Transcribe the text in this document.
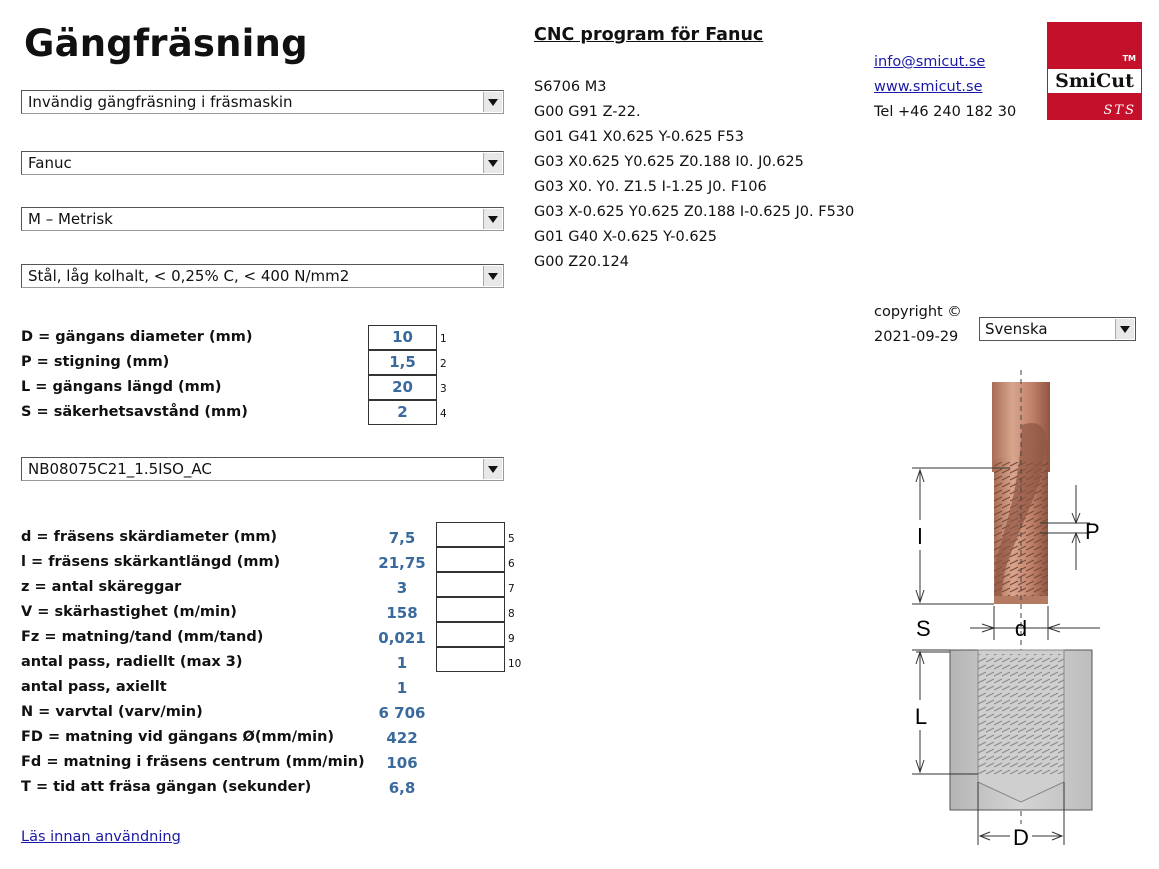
Gängfräsning
Invändig gängfräsning i fräsmaskin
Fanuc
M – Metrisk
Stål, låg kolhalt, < 0,25% C, < 400 N/mm2
D = gängans diameter (mm)	10	1
P = stigning (mm)	1,5	2
L = gängans längd (mm)	20	3
S = säkerhetsavstånd (mm)	2	4
NB08075C21_1.5ISO_AC
d = fräsens skärdiameter (mm)	7,5	5
l = fräsens skärkantlängd (mm)	21,75	6
z = antal skäreggar	3	7
V = skärhastighet (m/min)	158	8
Fz = matning/tand (mm/tand)	0,021	9
antal pass, radiellt (max 3)	1	10
antal pass, axiellt	1
N = varvtal (varv/min)	6 706
FD = matning vid gängans Ø(mm/min)	422
Fd = matning i fräsens centrum (mm/min)	106
T = tid att fräsa gängan (sekunder)	6,8
Läs innan användning
CNC program för Fanuc
S6706 M3
G00 G91 Z-22.
G01 G41 X0.625 Y-0.625 F53
G03 X0.625 Y0.625 Z0.188 I0. J0.625
G03 X0. Y0. Z1.5 I-1.25 J0. F106
G03 X-0.625 Y0.625 Z0.188 I-0.625 J0. F530
G01 G40 X-0.625 Y-0.625
G00 Z20.124
info@smicut.se
www.smicut.se
Tel +46 240 182 30
TM
SmiCut
STS
copyright ©
2021-09-29	Svenska
l	P
S	d
L
D
